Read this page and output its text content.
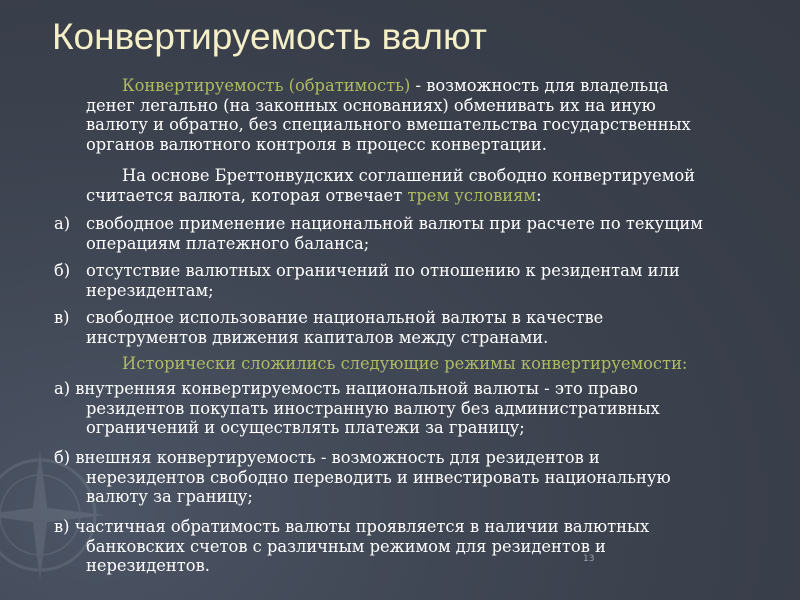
Конвертируемость валют

Конвертируемость (обратимость) - возможность для владельца
денег легально (на законных основаниях) обменивать их на иную
валюту и обратно, без специального вмешательства государственных
органов валютного контроля в процесс конвертации.

На основе Бреттонвудских соглашений свободно конвертируемой
считается валюта, которая отвечает трем условиям:

а) свободное применение национальной валюты при расчете по текущим
операциям платежного баланса;
б) отсутствие валютных ограничений по отношению к резидентам или
нерезидентам;
в) свободное использование национальной валюты в качестве
инструментов движения капиталов между странами.

Исторически сложились следующие режимы конвертируемости:

а) внутренняя конвертируемость национальной валюты - это право
резидентов покупать иностранную валюту без административных
ограничений и осуществлять платежи за границу;
б) внешняя конвертируемость - возможность для резидентов и
нерезидентов свободно переводить и инвестировать национальную
валюту за границу;
в) частичная обратимость валюты проявляется в наличии валютных
банковских счетов с различным режимом для резидентов и
нерезидентов.	13
